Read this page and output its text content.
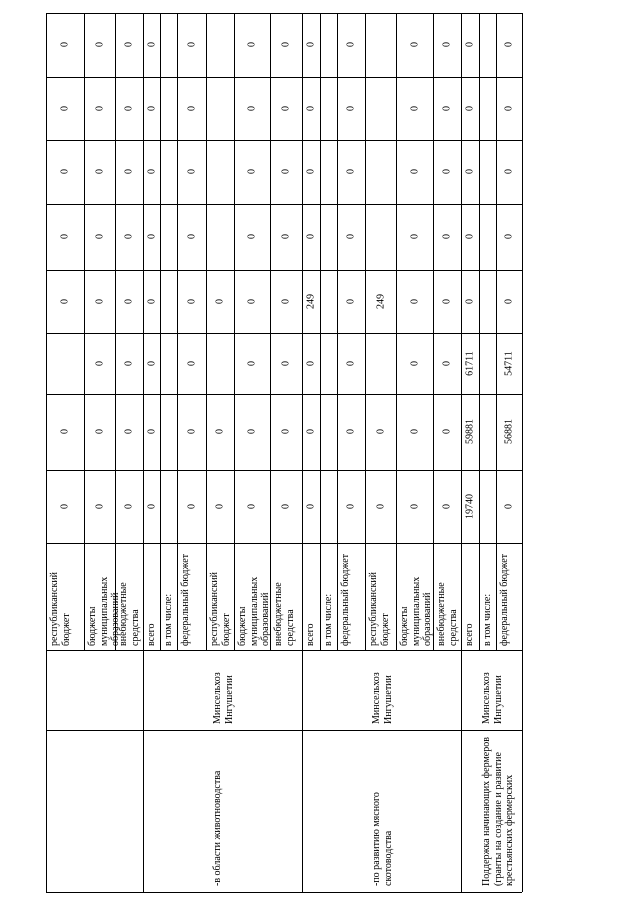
республиканский бюджет
0
0
0
0
0
0
0
бюджеты муниципальных образований
0
0
0
0
0
0
0
0
внебюджетные средства
0
0
0
0
0
0
0
0
-в области животноводства
Минсельхоз Ингушетии
всего
0
0
0
0
0
0
0
0
в том числе: федеральный бюджет
0
0
0
0
0
0
0
0
республиканский бюджет
0
0
0
бюджеты муниципальных образований
0
0
0
0
0
0
0
0
внебюджетные средства
0
0
0
0
0
0
0
0
-по развитию мясного скотоводства
Минсельхоз Ингушетии
всего
0
0
0
249
0
0
0
0
в том числе: федеральный бюджет
0
0
0
0
0
0
0
0
республиканский бюджет
0
0
249
бюджеты муниципальных образований
0
0
0
0
0
0
0
0
внебюджетные средства
0
0
0
0
0
0
0
0
Поддержка начинающих фермеров (гранты на создание и развитие крестьянских фермерских
Минсельхоз Ингушетии
всего
19740
59881
61711
0
0
0
0
0
в том числе: федеральный бюджет
0
56881
54711
0
0
0
0
0
